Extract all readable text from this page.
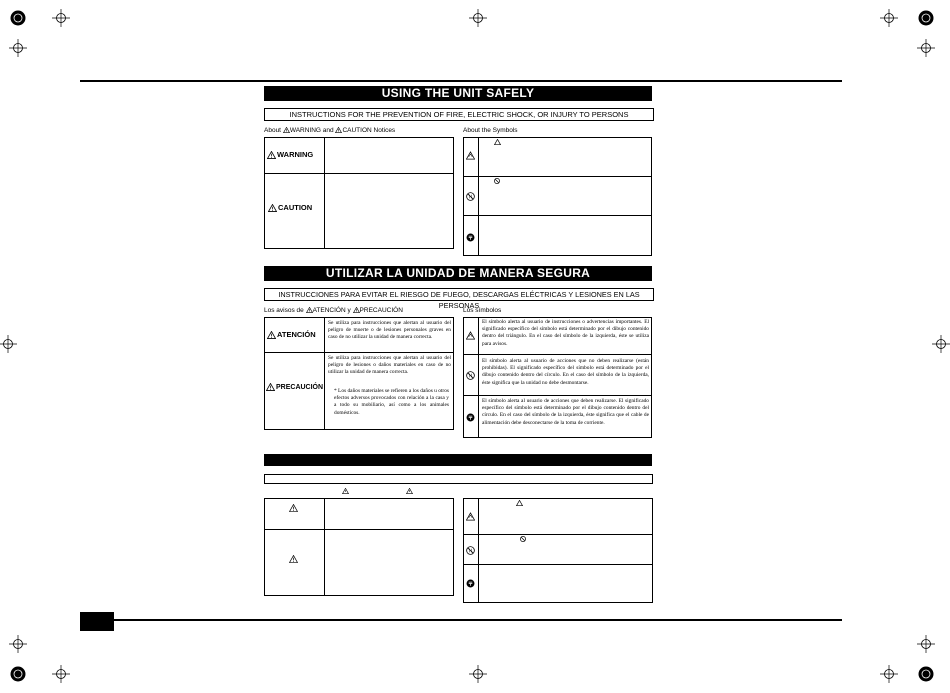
USING THE UNIT SAFELY
INSTRUCTIONS FOR THE PREVENTION OF FIRE, ELECTRIC SHOCK, OR INJURY TO PERSONS
About WARNING and CAUTION Notices	About the Symbols
WARNING
CAUTION
UTILIZAR LA UNIDAD DE MANERA SEGURA
INSTRUCCIONES PARA EVITAR EL RIESGO DE FUEGO, DESCARGAS ELÉCTRICAS Y LESIONES EN LAS PERSONAS
Los avisos de ATENCIÓN y PRECAUCIÓN	Los símbolos
ATENCIÓN
PRECAUCIÓN
Se utiliza para instrucciones que alertan al usuario del peligro de muerte o de lesiones personales graves en caso de no utilizar la unidad de manera correcta.
Se utiliza para instrucciones que alertan al usuario del peligro de lesiones o daños materiales en caso de no utilizar la unidad de manera correcta.
* Los daños materiales se refieren a los daños u otros efectos adversos provocados con relación a la casa y a todo su mobiliario, así como a los animales domésticos.
El símbolo alerta al usuario de instrucciones o advertencias importantes. El significado específico del símbolo está determinado por el dibujo contenido dentro del triángulo. En el caso del símbolo de la izquierda, éste se utiliza para avisos.
El símbolo alerta al usuario de acciones que no deben realizarse (están prohibidas). El significado específico del símbolo está determinado por el dibujo contenido dentro del círculo. En el caso del símbolo de la izquierda, éste significa que la unidad no debe desmontarse.
El símbolo alerta al usuario de acciones que deben realizarse. El significado específico del símbolo está determinado por el dibujo contenido dentro del círculo. En el caso del símbolo de la izquierda, éste significa que el cable de alimentación debe desconectarse de la toma de corriente.
